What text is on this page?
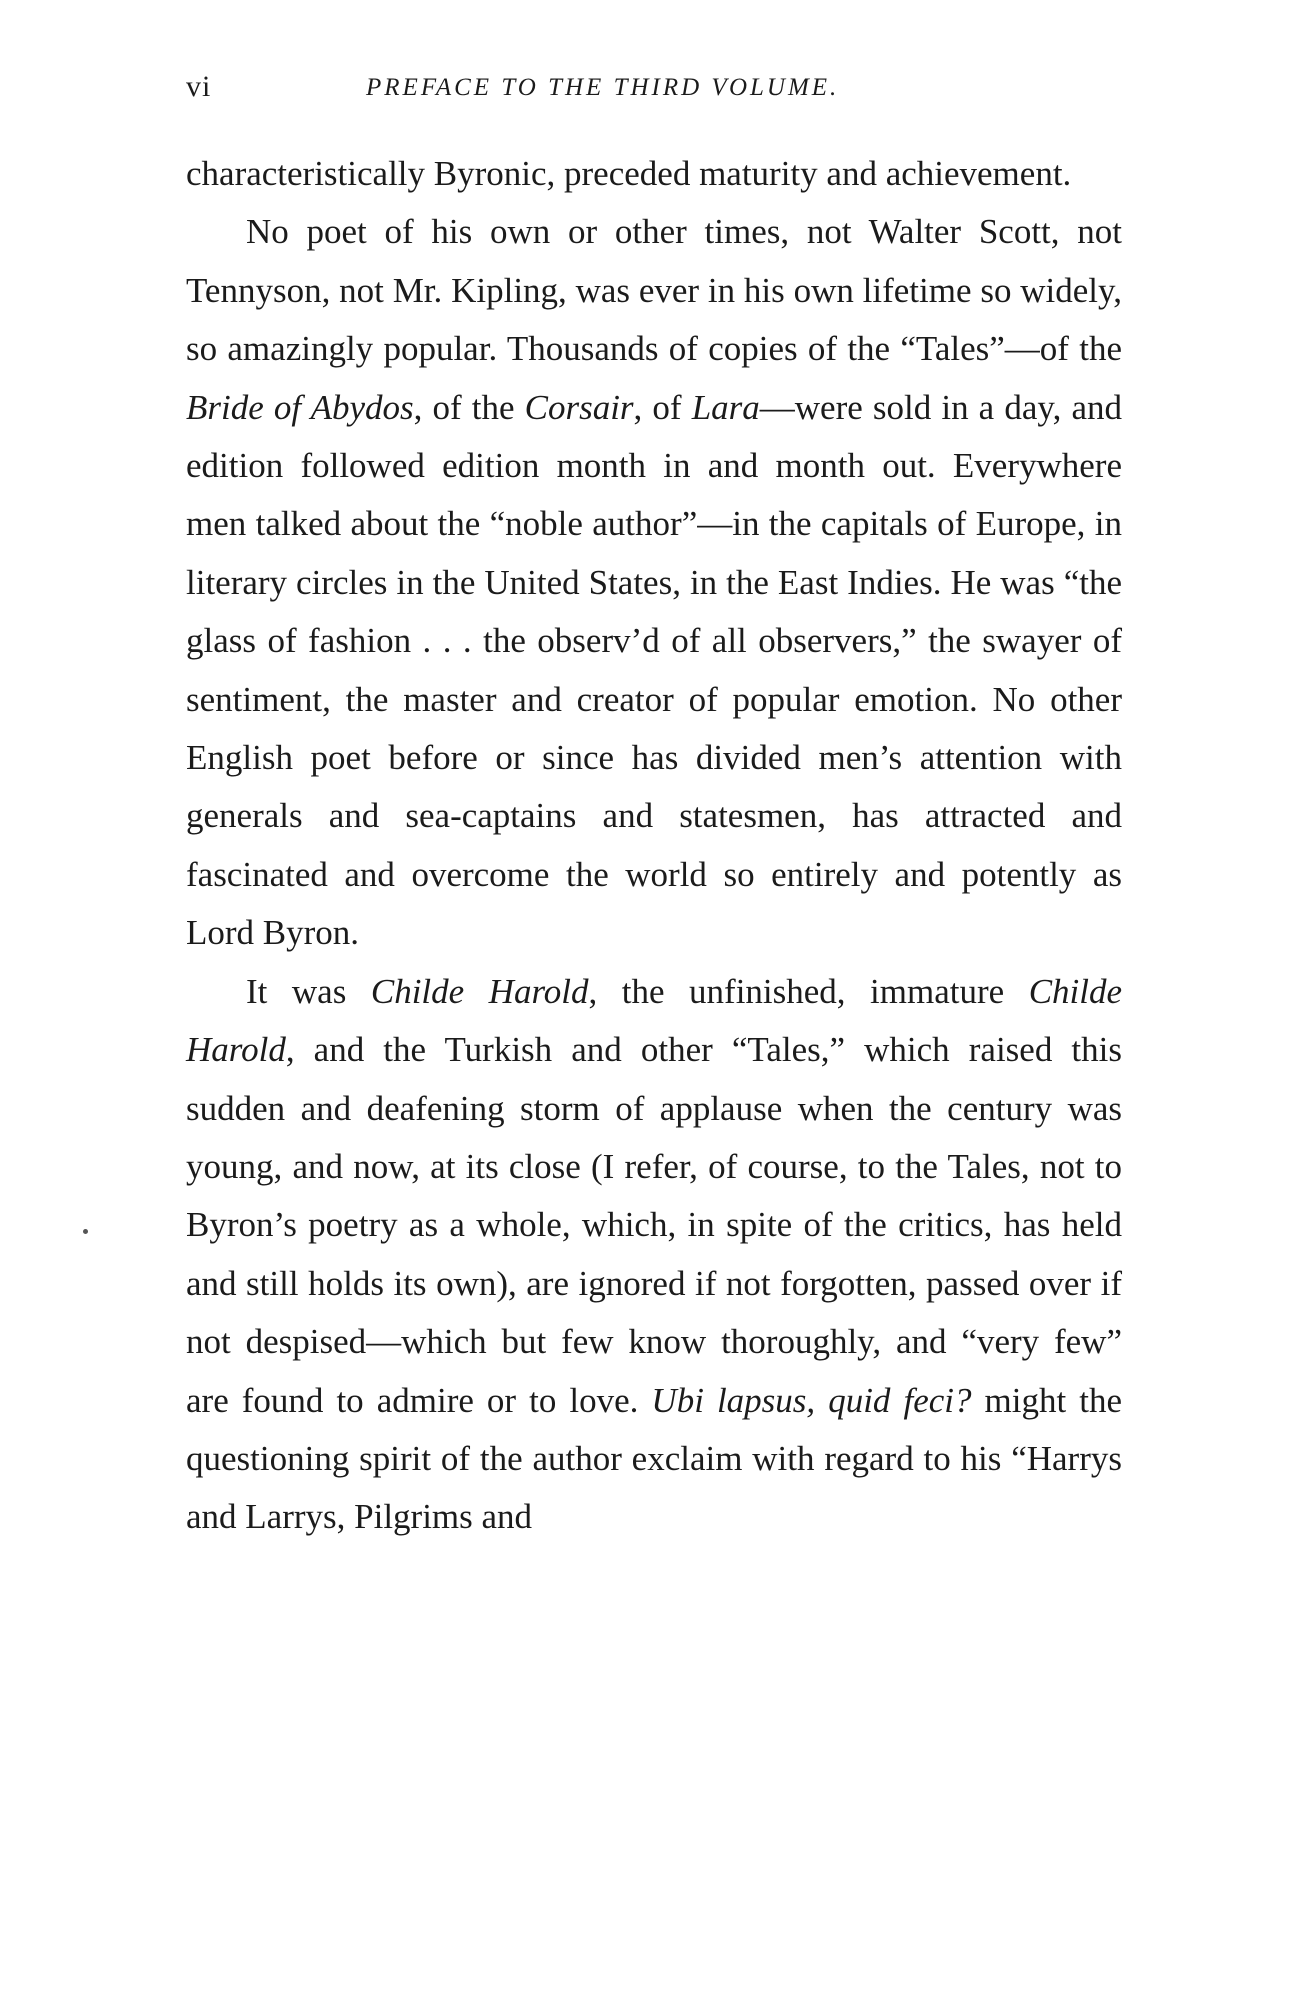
vi	PREFACE TO THE THIRD VOLUME.

characteristically Byronic, preceded maturity and achievement.

No poet of his own or other times, not Walter Scott, not Tennyson, not Mr. Kipling, was ever in his own lifetime so widely, so amazingly popular. Thousands of copies of the “Tales”—of the Bride of Abydos, of the Corsair, of Lara—were sold in a day, and edition followed edition month in and month out. Everywhere men talked about the “noble author”—in the capitals of Europe, in literary circles in the United States, in the East Indies. He was “the glass of fashion . . . the observ’d of all observers,” the swayer of sentiment, the master and creator of popular emotion. No other English poet before or since has divided men’s attention with generals and sea-captains and statesmen, has attracted and fascinated and overcome the world so entirely and potently as Lord Byron.

It was Childe Harold, the unfinished, immature Childe Harold, and the Turkish and other “Tales,” which raised this sudden and deafening storm of applause when the century was young, and now, at its close (I refer, of course, to the Tales, not to Byron’s poetry as a whole, which, in spite of the critics, has held and still holds its own), are ignored if not forgotten, passed over if not despised—which but few know thoroughly, and “very few” are found to admire or to love. Ubi lapsus, quid feci? might the questioning spirit of the author exclaim with regard to his “Harrys and Larrys, Pilgrims and
